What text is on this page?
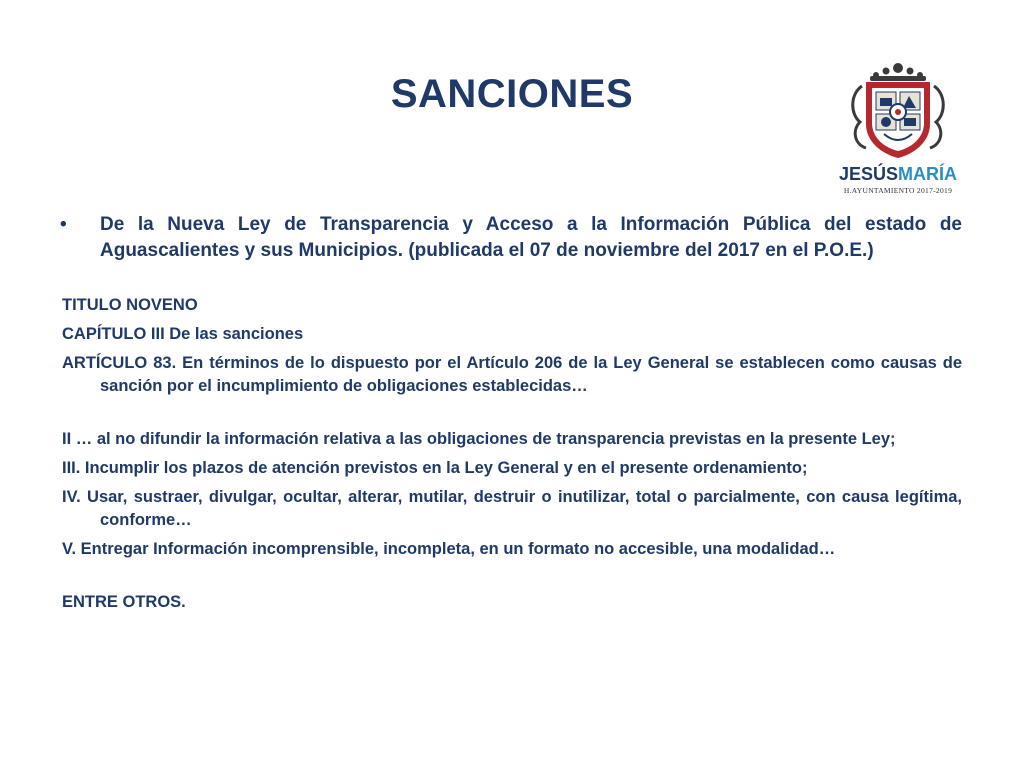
SANCIONES
JESÚSMARÍA
H.AYUNTAMIENTO 2017-2019
• De la Nueva Ley de Transparencia y Acceso a la Información Pública del estado de Aguascalientes y sus Municipios. (publicada el 07 de noviembre del 2017 en el P.O.E.)

TITULO NOVENO

CAPÍTULO III De las sanciones

ARTÍCULO 83. En términos de lo dispuesto por el Artículo 206 de la Ley General se establecen como causas de sanción por el incumplimiento de obligaciones establecidas…

II … al no difundir la información relativa a las obligaciones de transparencia previstas en la presente Ley;

III. Incumplir los plazos de atención previstos en la Ley General y en el presente ordenamiento;

IV. Usar, sustraer, divulgar, ocultar, alterar, mutilar, destruir o inutilizar, total o parcialmente, con causa legítima, conforme…

V. Entregar Información incomprensible, incompleta, en un formato no accesible, una modalidad…

ENTRE OTROS.
